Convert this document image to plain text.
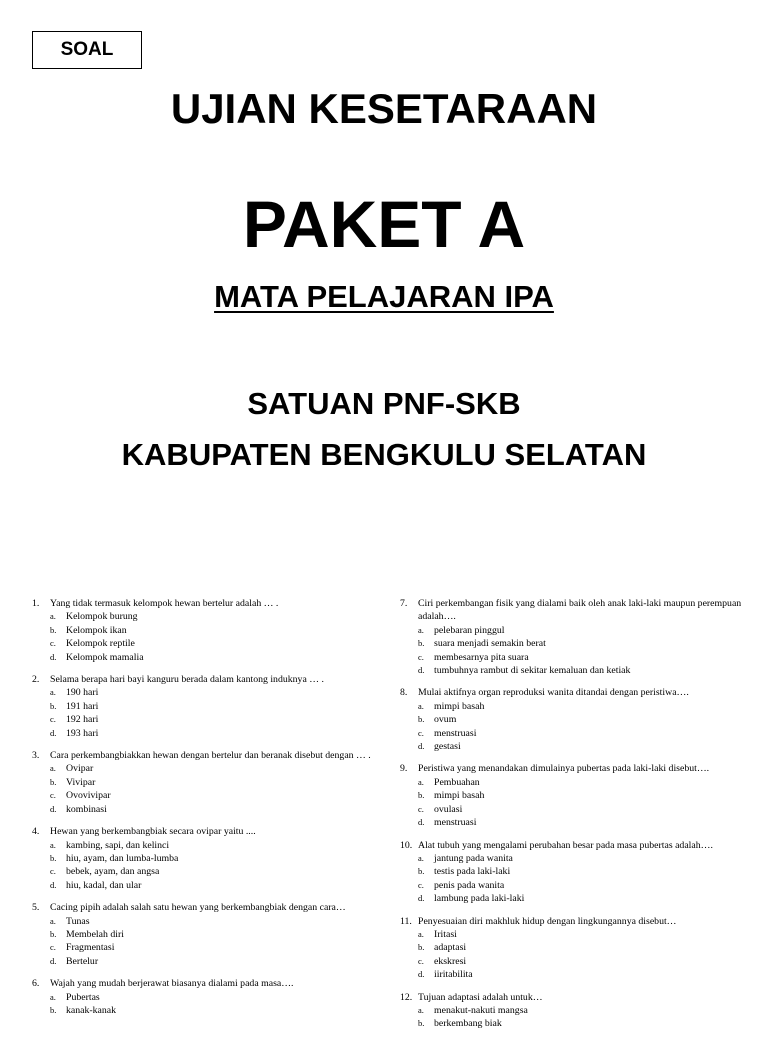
SOAL
UJIAN KESETARAAN
PAKET A
MATA PELAJARAN IPA
SATUAN PNF-SKB
KABUPATEN BENGKULU SELATAN
1.	Yang tidak termasuk kelompok hewan bertelur adalah … .
a.	Kelompok burung
b. Kelompok ikan
c.	Kelompok reptile
d. Kelompok mamalia
2.	Selama berapa hari bayi kanguru berada dalam kantong induknya … .
a.	190 hari
b. 191 hari
c.	192 hari
d. 193 hari
3.	Cara perkembangbiakkan hewan dengan bertelur dan beranak disebut dengan … .
a.	Ovipar
b. Vivipar
c.	Ovovivipar
d. kombinasi
4.	Hewan yang berkembangbiak secara ovipar yaitu ....
a.	kambing, sapi, dan kelinci
b. hiu, ayam, dan lumba-lumba
c.	bebek, ayam, dan angsa
d. hiu, kadal, dan ular
5.	Cacing pipih adalah salah satu hewan yang berkembangbiak dengan cara…
a.	Tunas
b. Membelah diri
c.	Fragmentasi
d. Bertelur
6.	Wajah yang mudah berjerawat biasanya dialami pada masa….
a.	Pubertas
b. kanak-kanak
7.	Ciri perkembangan fisik yang dialami baik oleh anak laki-laki maupun perempuan adalah….
a.	pelebaran pinggul
b. suara menjadi semakin berat
c.	membesarnya pita suara
d. tumbuhnya rambut di sekitar kemaluan dan ketiak
8.	Mulai aktifnya organ reproduksi wanita ditandai dengan peristiwa….
a.	mimpi basah
b. ovum
c.	menstruasi
d. gestasi
9.	Peristiwa yang menandakan dimulainya pubertas pada laki-laki disebut….
a.	Pembuahan
b. mimpi basah
c.	ovulasi
d. menstruasi
10. Alat tubuh yang mengalami perubahan besar pada masa pubertas adalah….
a.	jantung pada wanita
b. testis pada laki-laki
c.	penis pada wanita
d. lambung pada laki-laki
11. Penyesuaian diri makhluk hidup dengan lingkungannya disebut…
a.	Iritasi
b. adaptasi
c.	ekskresi
d. iiritabilita
12. Tujuan adaptasi adalah untuk…
a.	menakut-nakuti mangsa
b. berkembang biak
